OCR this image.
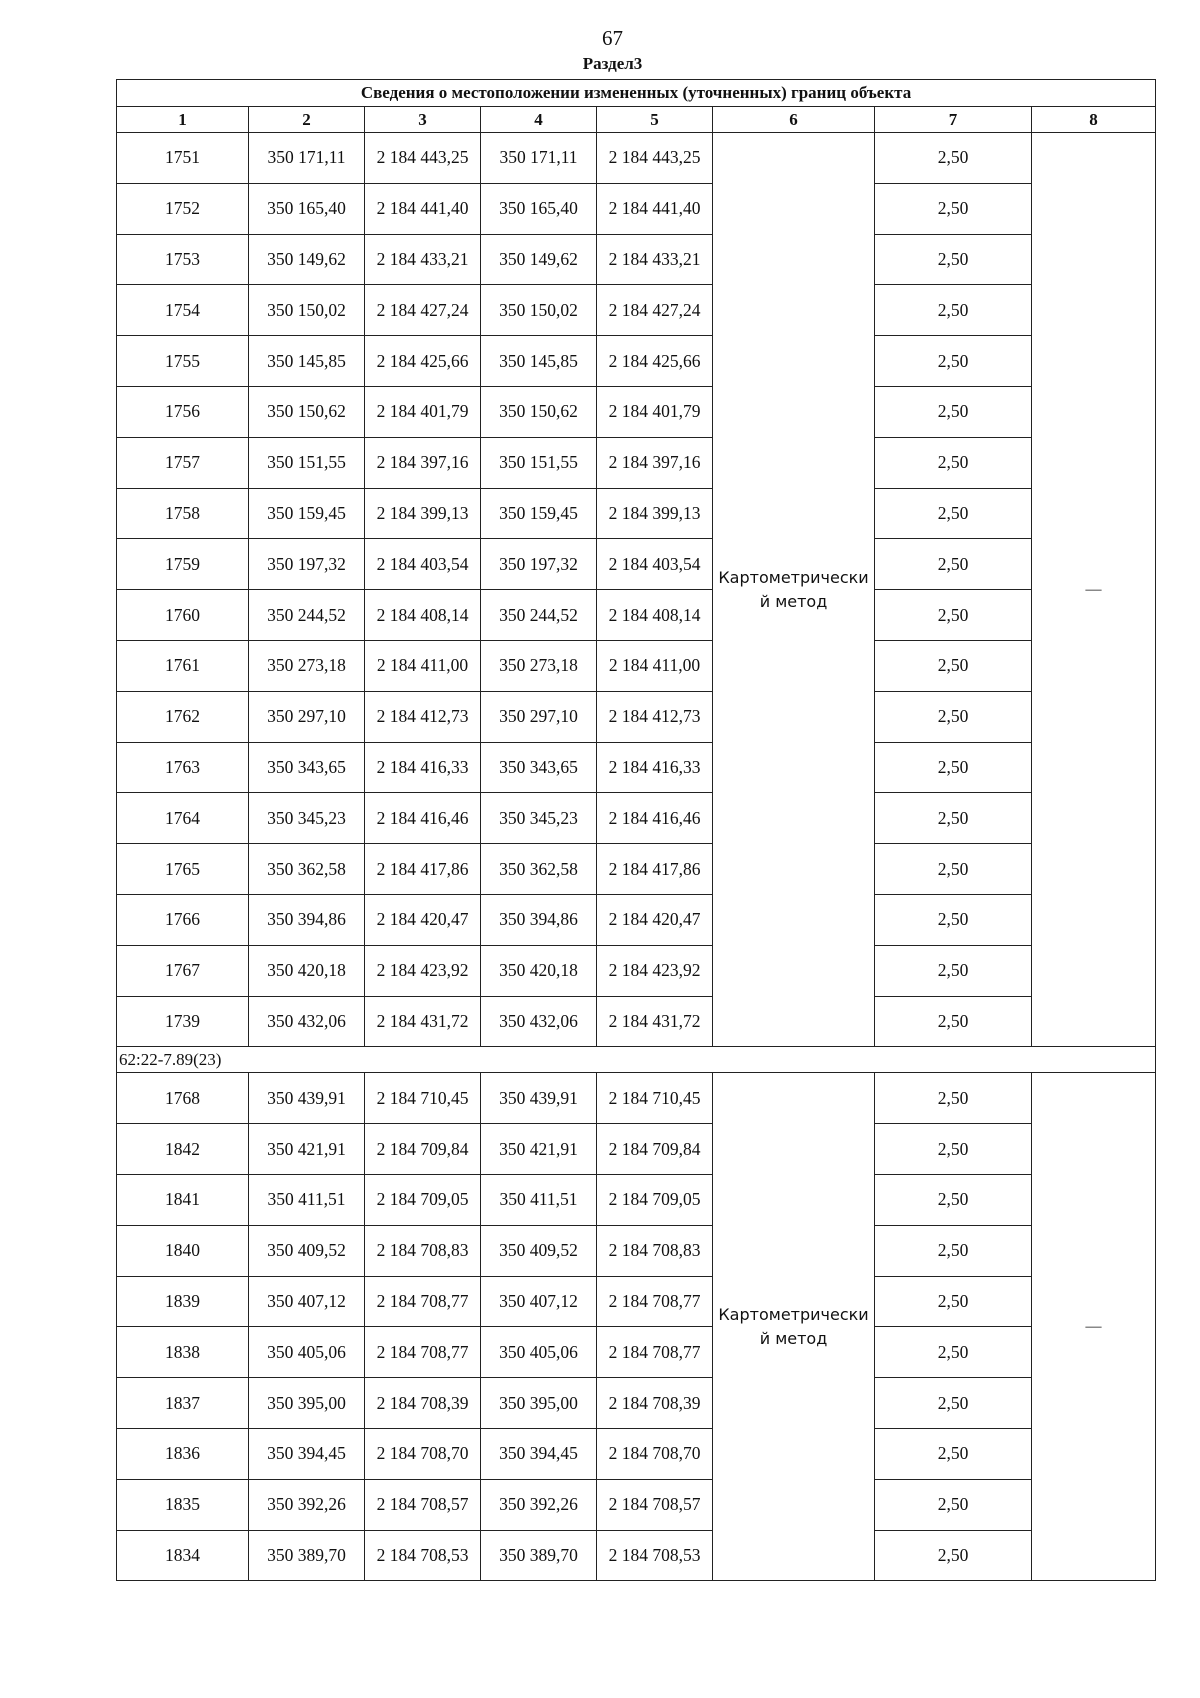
67
Раздел3
Сведения о местоположении измененных (уточненных) границ объекта							
1	2	3	4	5	6	7	8
1751	350 171,11	2 184 443,25	350 171,11	2 184 443,25	Картометрически
й метод	2,50	—
1752	350 165,40	2 184 441,40	350 165,40	2 184 441,40		2,50	
1753	350 149,62	2 184 433,21	350 149,62	2 184 433,21		2,50	
1754	350 150,02	2 184 427,24	350 150,02	2 184 427,24		2,50	
1755	350 145,85	2 184 425,66	350 145,85	2 184 425,66		2,50	
1756	350 150,62	2 184 401,79	350 150,62	2 184 401,79		2,50	
1757	350 151,55	2 184 397,16	350 151,55	2 184 397,16		2,50	
1758	350 159,45	2 184 399,13	350 159,45	2 184 399,13		2,50	
1759	350 197,32	2 184 403,54	350 197,32	2 184 403,54		2,50	
1760	350 244,52	2 184 408,14	350 244,52	2 184 408,14		2,50	
1761	350 273,18	2 184 411,00	350 273,18	2 184 411,00		2,50	
1762	350 297,10	2 184 412,73	350 297,10	2 184 412,73		2,50	
1763	350 343,65	2 184 416,33	350 343,65	2 184 416,33		2,50	
1764	350 345,23	2 184 416,46	350 345,23	2 184 416,46		2,50	
1765	350 362,58	2 184 417,86	350 362,58	2 184 417,86		2,50	
1766	350 394,86	2 184 420,47	350 394,86	2 184 420,47		2,50	
1767	350 420,18	2 184 423,92	350 420,18	2 184 423,92		2,50	
1739	350 432,06	2 184 431,72	350 432,06	2 184 431,72		2,50	
62:22-7.89(23)							
1768	350 439,91	2 184 710,45	350 439,91	2 184 710,45	Картометрически
й метод	2,50	—
1842	350 421,91	2 184 709,84	350 421,91	2 184 709,84		2,50	
1841	350 411,51	2 184 709,05	350 411,51	2 184 709,05		2,50	
1840	350 409,52	2 184 708,83	350 409,52	2 184 708,83		2,50	
1839	350 407,12	2 184 708,77	350 407,12	2 184 708,77		2,50	
1838	350 405,06	2 184 708,77	350 405,06	2 184 708,77		2,50	
1837	350 395,00	2 184 708,39	350 395,00	2 184 708,39		2,50	
1836	350 394,45	2 184 708,70	350 394,45	2 184 708,70		2,50	
1835	350 392,26	2 184 708,57	350 392,26	2 184 708,57		2,50	
1834	350 389,70	2 184 708,53	350 389,70	2 184 708,53		2,50	
